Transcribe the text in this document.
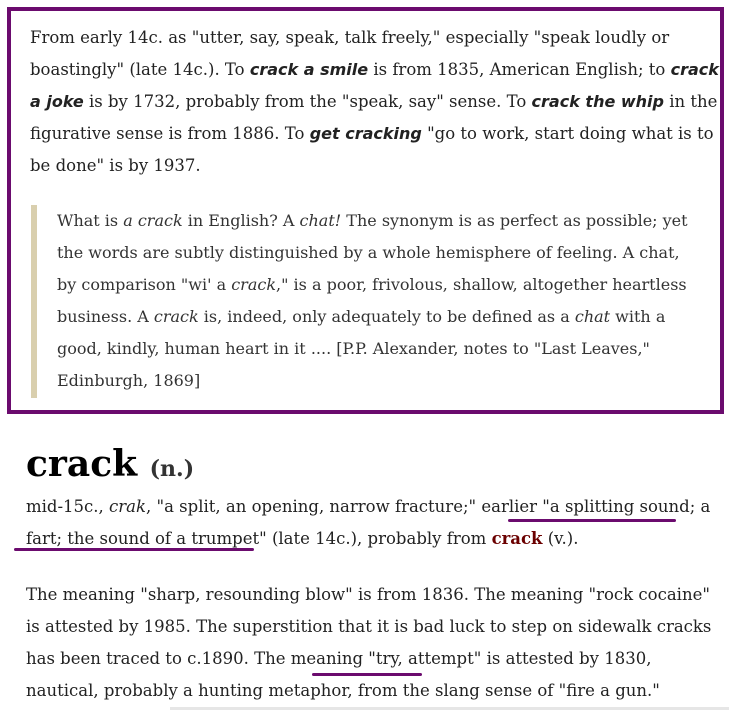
From early 14c. as "utter, say, speak, talk freely," especially "speak loudly or boastingly" (late 14c.). To crack a smile is from 1835, American English; to crack a joke is by 1732, probably from the "speak, say" sense. To crack the whip in the figurative sense is from 1886. To get cracking "go to work, start doing what is to be done" is by 1937.

What is a crack in English? A chat! The synonym is as perfect as possible; yet the words are subtly distinguished by a whole hemisphere of feeling. A chat, by comparison "wi' a crack," is a poor, frivolous, shallow, altogether heartless business. A crack is, indeed, only adequately to be defined as a chat with a good, kindly, human heart in it .... [P.P. Alexander, notes to "Last Leaves," Edinburgh, 1869]

crack (n.)

mid-15c., crak, "a split, an opening, narrow fracture;" earlier "a splitting sound; a fart; the sound of a trumpet" (late 14c.), probably from crack (v.).

The meaning "sharp, resounding blow" is from 1836. The meaning "rock cocaine" is attested by 1985. The superstition that it is bad luck to step on sidewalk cracks has been traced to c.1890. The meaning "try, attempt" is attested by 1830, nautical, probably a hunting metaphor, from the slang sense of "fire a gun."
